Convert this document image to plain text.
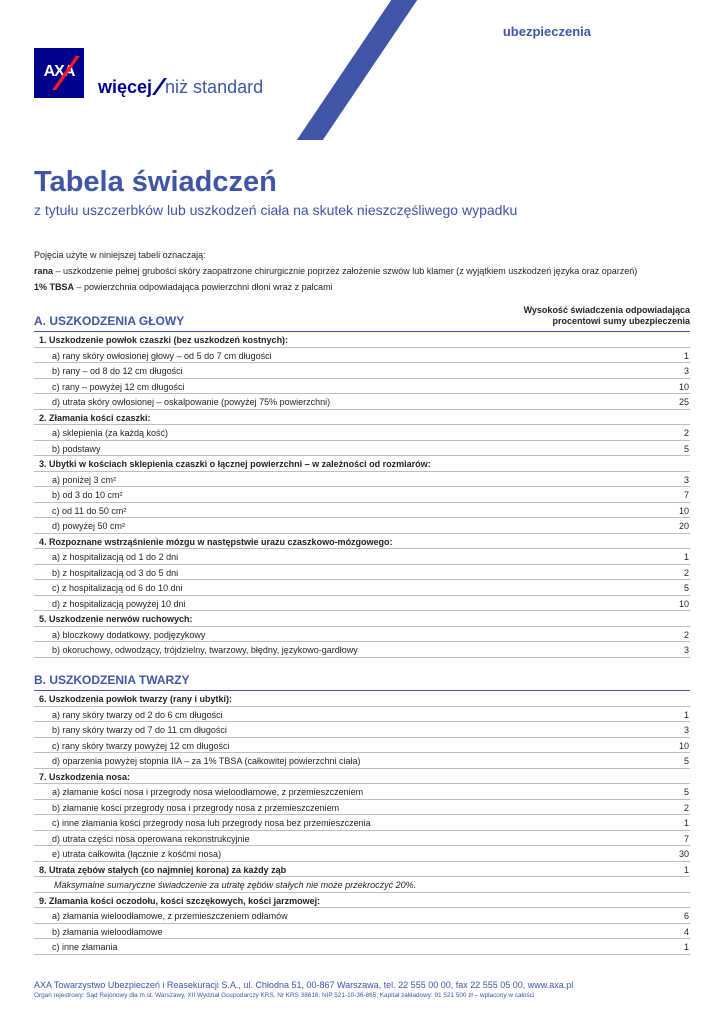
ubezpieczenia
AXA
więcej niż standard
Tabela świadczeń
z tytułu uszczerbków lub uszkodzeń ciała na skutek nieszczęśliwego wypadku
Pojęcia użyte w niniejszej tabeli oznaczają:
rana – uszkodzenie pełnej grubości skóry zaopatrzone chirurgicznie poprzez założenie szwów lub klamer (z wyjątkiem uszkodzeń języka oraz oparzeń)
1% TBSA – powierzchnia odpowiadająca powierzchni dłoni wraz z palcami
Wysokość świadczenia odpowiadająca
procentowi sumy ubezpieczenia
A. USZKODZENIA GŁOWY
1. Uszkodzenie powłok czaszki (bez uszkodzeń kostnych):
a) rany skóry owłosionej głowy – od 5 do 7 cm długości	1
b) rany – od 8 do 12 cm długości	3
c) rany – powyżej 12 cm długości	10
d) utrata skóry owłosionej – oskalpowanie (powyżej 75% powierzchni)	25
2. Złamania kości czaszki:
a) sklepienia (za każdą kość)	2
b) podstawy	5
3. Ubytki w kościach sklepienia czaszki o łącznej powierzchni – w zależności od rozmiarów:
a) poniżej 3 cm²	3
b) od 3 do 10 cm²	7
c) od 11 do 50 cm²	10
d) powyżej 50 cm²	20
4. Rozpoznane wstrząśnienie mózgu w następstwie urazu czaszkowo-mózgowego:
a) z hospitalizacją od 1 do 2 dni	1
b) z hospitalizacją od 3 do 5 dni	2
c) z hospitalizacją od 6 do 10 dni	5
d) z hospitalizacją powyżej 10 dni	10
5. Uszkodzenie nerwów ruchowych:
a) bloczkowy dodatkowy, podjęzykowy	2
b) okoruchowy, odwodzący, trójdzielny, twarzowy, błędny, językowo-gardłowy	3
B. USZKODZENIA TWARZY
6. Uszkodzenia powłok twarzy (rany i ubytki):
a) rany skóry twarzy od 2 do 6 cm długości	1
b) rany skóry twarzy od 7 do 11 cm długości	3
c) rany skóry twarzy powyżej 12 cm długości	10
d) oparzenia powyżej stopnia IIA – za 1% TBSA (całkowitej powierzchni ciała)	5
7. Uszkodzenia nosa:
a) złamanie kości nosa i przegrody nosa wieloodłamowe, z przemieszczeniem	5
b) złamanie kości przegrody nosa i przegrody nosa z przemieszczeniem	2
c) inne złamania kości przegrody nosa lub przegrody nosa bez przemieszczenia	1
d) utrata części nosa operowana rekonstrukcyjnie	7
e) utrata całkowita (łącznie z kośćmi nosa)	30
8. Utrata zębów stałych (co najmniej korona) za każdy ząb	1
Maksymalne sumaryczne świadczenie za utratę zębów stałych nie może przekroczyć 20%.
9. Złamania kości oczodołu, kości szczękowych, kości jarzmowej:
a) złamania wieloodłamowe, z przemieszczeniem odłamów	6
b) złamania wieloodłamowe	4
c) inne złamania	1
AXA Towarzystwo Ubezpieczeń i Reasekuracji S.A., ul. Chłodna 51, 00-867 Warszawa, tel. 22 555 00 00, fax 22 555 05 00, www.axa.pl
Organ rejestrowy: Sąd Rejonowy dla m.st. Warszawy, XII Wydział Gospodarczy KRS, Nr KRS 38616; NIP 521-10-36-865; Kapitał zakładowy: 91 521 500 zł – wpłacony w całości
